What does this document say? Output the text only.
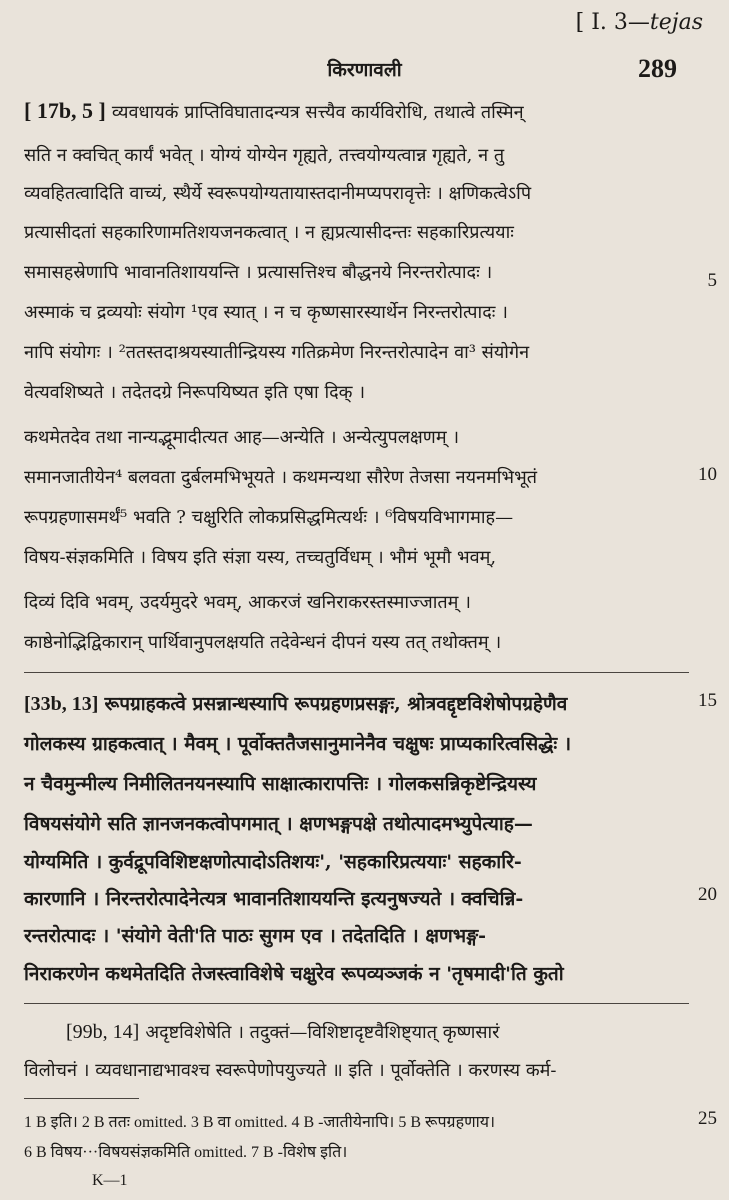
[ I. 3—tejas
किरणावली	289
[ 17b, 5 ] व्यवधायकं प्राप्तिविघातादन्यत्र सत्त्यैव कार्यविरोधि, तथात्वे तस्मिन्
सति न क्वचित् कार्यं भवेत् । योग्यं योग्येन गृह्यते, तत्त्वयोग्यत्वान्न गृह्यते, न तु
व्यवहितत्वादिति वाच्यं, स्थैर्ये स्वरूपयोग्यतायास्तदानीमप्यपरावृत्तेः । क्षणिकत्वेऽपि
प्रत्यासीदतां सहकारिणामतिशयजनकत्वात् । न ह्यप्रत्यासीदन्तः सहकारिप्रत्ययाः
समासहस्रेणापि भावानतिशाययन्ति । प्रत्यासत्तिश्च बौद्धनये निरन्तरोत्पादः ।
अस्माकं च द्रव्ययोः संयोग ¹एव स्यात् । न च कृष्णसारस्यार्थेन निरन्तरोत्पादः ।
नापि संयोगः । ²ततस्तदाश्रयस्यातीन्द्रियस्य गतिक्रमेण निरन्तरोत्पादेन वा³ संयोगेन
वेत्यवशिष्यते । तदेतदग्रे निरूपयिष्यत इति एषा दिक् ।
कथमेतदेव तथा नान्यद्भूमादीत्यत आह—अन्येति । अन्येत्युपलक्षणम् ।
समानजातीयेन⁴ बलवता दुर्बलमभिभूयते । कथमन्यथा सौरेण तेजसा नयनमभिभूतं
रूपग्रहणासमर्थं⁵ भवति ? चक्षुरिति लोकप्रसिद्धमित्यर्थः । ⁶विषयविभागमाह—
विषय-संज्ञकमिति । विषय इति संज्ञा यस्य, तच्चतुर्विधम् । भौमं भूमौ भवम्,
दिव्यं दिवि भवम्, उदर्यमुदरे भवम्, आकरजं खनिराकरस्तस्माज्जातम् ।
काष्ठेनोद्भिद्विकारान् पार्थिवानुपलक्षयति तदेवेन्धनं दीपनं यस्य तत् तथोक्तम् ।
5
10
[33b, 13] रूपग्राहकत्वे प्रसन्नान्धस्यापि रूपग्रहणप्रसङ्गः, श्रोत्रवद्दृष्टविशेषोपग्रहेणैव
गोलकस्य ग्राहकत्वात् । मैवम् । पूर्वोक्ततैजसानुमानेनैव चक्षुषः प्राप्यकारित्वसिद्धेः ।
न चैवमुन्मील्य निमीलितनयनस्यापि साक्षात्कारापत्तिः । गोलकसन्निकृष्टेन्द्रियस्य
विषयसंयोगे सति ज्ञानजनकत्वोपगमात् । क्षणभङ्गपक्षे तथोत्पादमभ्युपेत्याह—
योग्यमिति । कुर्वद्रूपविशिष्टक्षणोत्पादोऽतिशयः', 'सहकारिप्रत्ययाः' सहकारि-
कारणानि । निरन्तरोत्पादेनेत्यत्र भावानतिशाययन्ति इत्यनुषज्यते । क्वचिन्नि-
रन्तरोत्पादः । 'संयोगे वेती'ति पाठः सुगम एव । तदेतदिति । क्षणभङ्ग-
निराकरणेन कथमेतदिति तेजस्त्वाविशेषे चक्षुरेव रूपव्यञ्जकं न 'तृषमादी'ति कुतो
15
20
[99b, 14] अदृष्टविशेषेति । तदुक्तं—विशिष्टादृष्टवैशिष्ट्यात् कृष्णसारं
विलोचनं । व्यवधानाद्यभावश्च स्वरूपेणोपयुज्यते ॥ इति । पूर्वोक्तेति । करणस्य कर्म-
1 B इति। 2 B ततः omitted. 3 B वा omitted. 4 B -जातीयेनापि। 5 B रूपग्रहणाय।
6 B विषय···विषयसंज्ञकमिति omitted. 7 B -विशेष इति।
25
K—1
